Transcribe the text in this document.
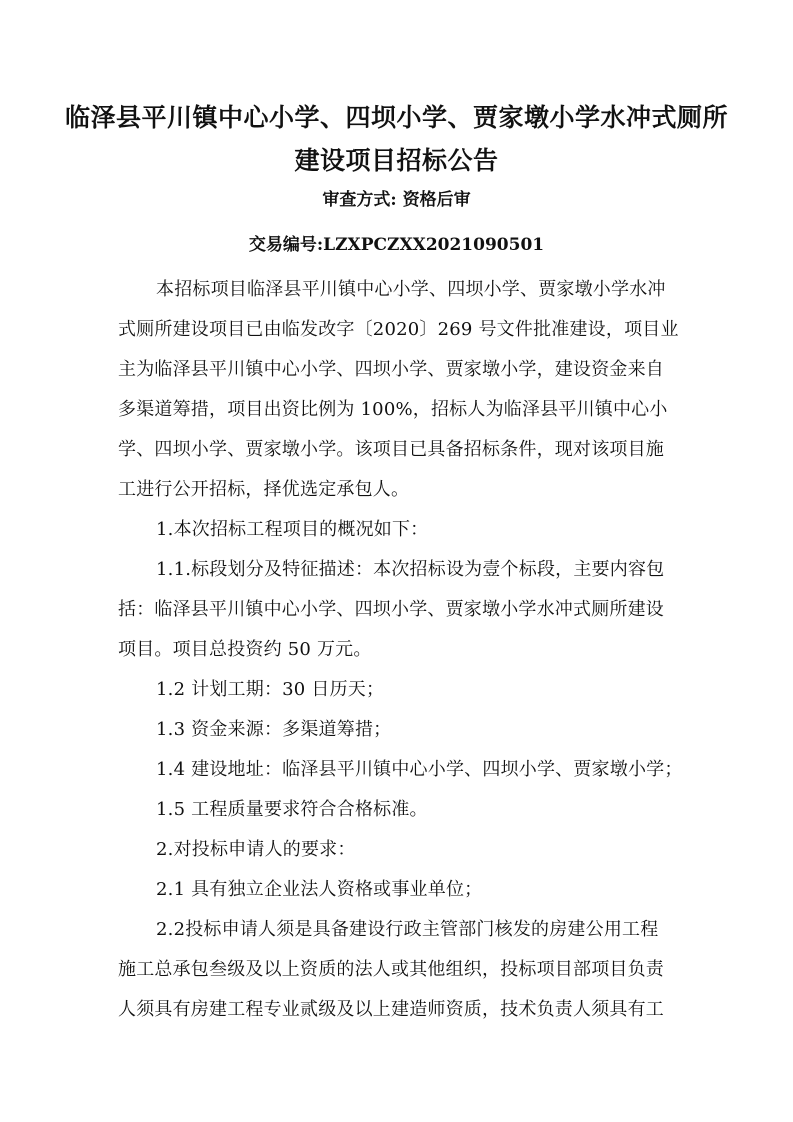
临泽县平川镇中心小学、四坝小学、贾家墩小学水冲式厕所
建设项目招标公告
审查方式: 资格后审
交易编号:LZXPCZXX2021090501
本招标项目临泽县平川镇中心小学、四坝小学、贾家墩小学水冲
式厕所建设项目已由临发改字〔2020〕269 号文件批准建设，项目业
主为临泽县平川镇中心小学、四坝小学、贾家墩小学，建设资金来自
多渠道筹措，项目出资比例为 100%，招标人为临泽县平川镇中心小
学、四坝小学、贾家墩小学。该项目已具备招标条件，现对该项目施
工进行公开招标，择优选定承包人。
1.本次招标工程项目的概况如下：
1.1.标段划分及特征描述：本次招标设为壹个标段，主要内容包
括：临泽县平川镇中心小学、四坝小学、贾家墩小学水冲式厕所建设
项目。项目总投资约 50 万元。
1.2 计划工期：30 日历天；
1.3 资金来源：多渠道筹措；
1.4 建设地址：临泽县平川镇中心小学、四坝小学、贾家墩小学；
1.5 工程质量要求符合合格标准。
2.对投标申请人的要求：
2.1 具有独立企业法人资格或事业单位；
2.2投标申请人须是具备建设行政主管部门核发的房建公用工程
施工总承包叁级及以上资质的法人或其他组织，投标项目部项目负责
人须具有房建工程专业贰级及以上建造师资质，技术负责人须具有工
